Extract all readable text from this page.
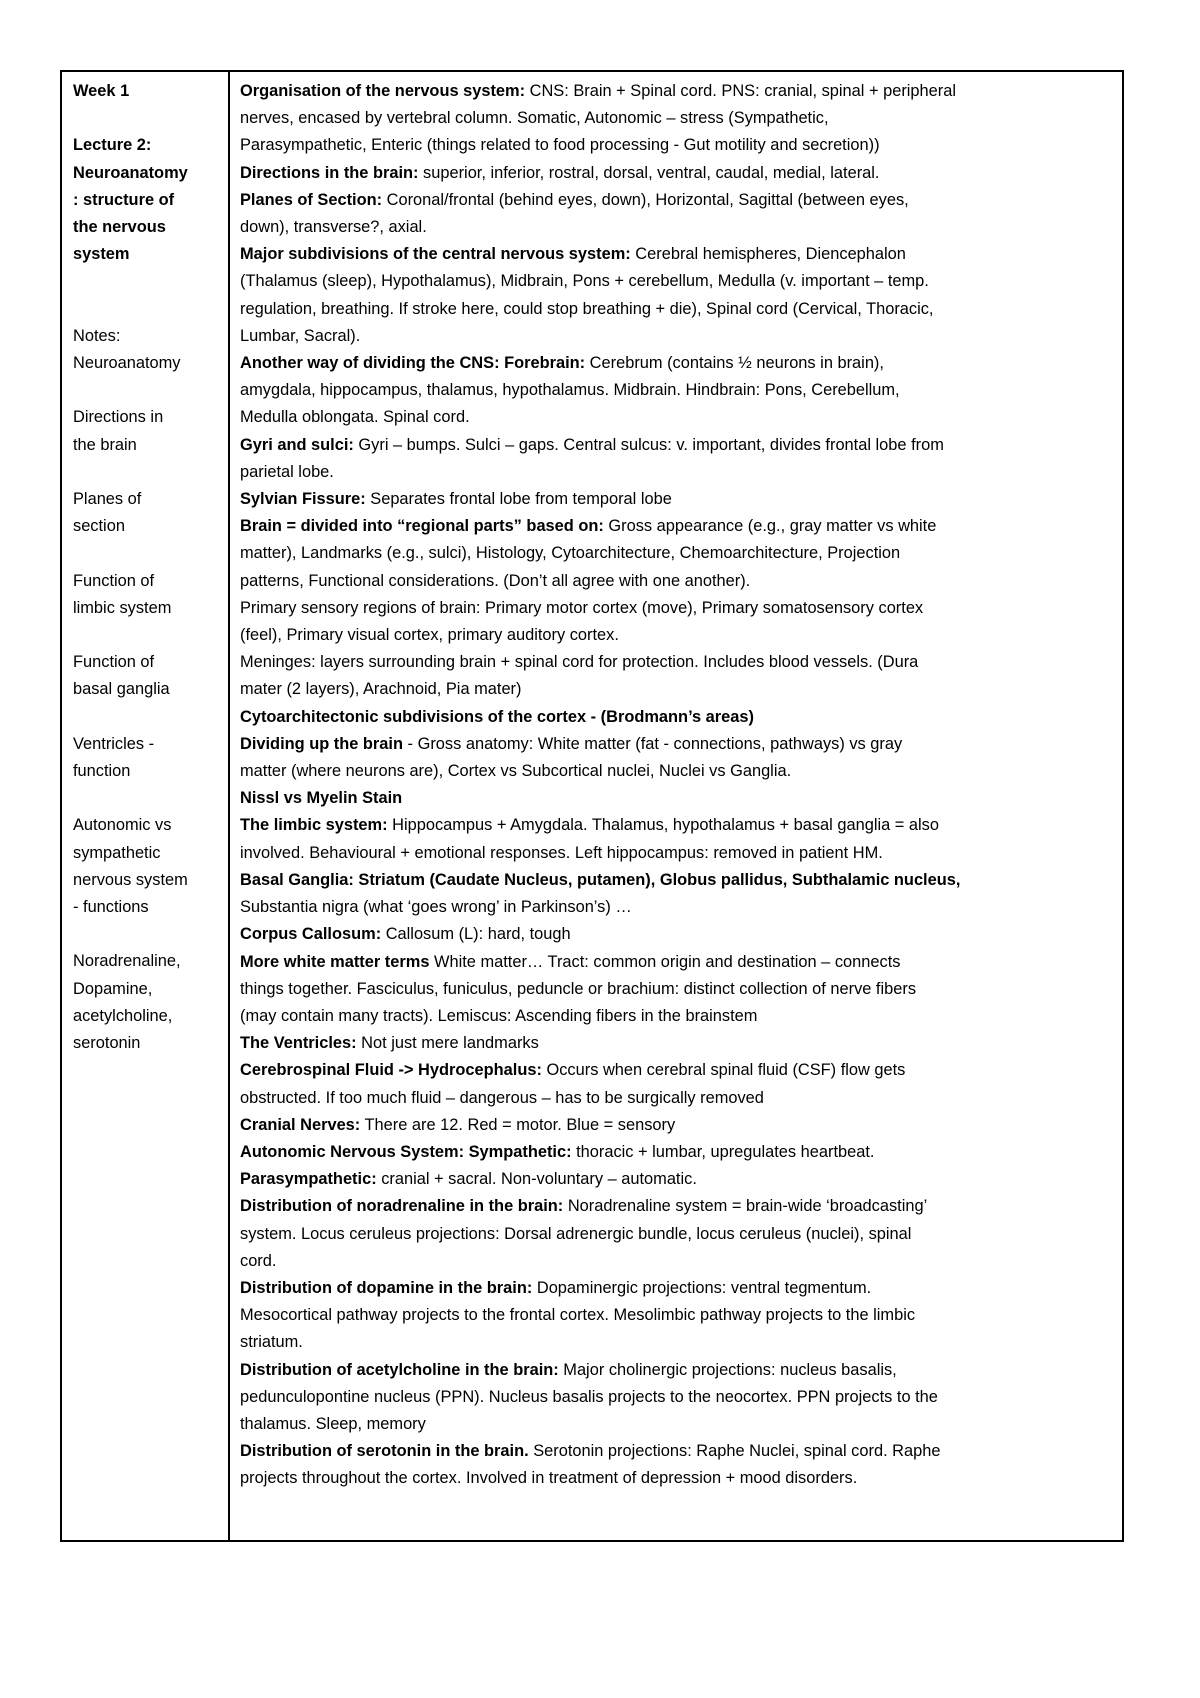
Week 1
Lecture 2:
Neuroanatomy
: structure of
the nervous
system
Notes:
Neuroanatomy
Directions in
the brain
Planes of
section
Function of
limbic system
Function of
basal ganglia
Ventricles -
function
Autonomic vs
sympathetic
nervous system
- functions
Noradrenaline,
Dopamine,
acetylcholine,
serotonin
Organisation of the nervous system: CNS: Brain + Spinal cord. PNS: cranial, spinal + peripheral
nerves, encased by vertebral column. Somatic, Autonomic – stress (Sympathetic,
Parasympathetic, Enteric (things related to food processing - Gut motility and secretion))
Directions in the brain: superior, inferior, rostral, dorsal, ventral, caudal, medial, lateral.
Planes of Section: Coronal/frontal (behind eyes, down), Horizontal, Sagittal (between eyes,
down), transverse?, axial.
Major subdivisions of the central nervous system: Cerebral hemispheres, Diencephalon
(Thalamus (sleep), Hypothalamus), Midbrain, Pons + cerebellum, Medulla (v. important – temp.
regulation, breathing. If stroke here, could stop breathing + die), Spinal cord (Cervical, Thoracic,
Lumbar, Sacral).
Another way of dividing the CNS: Forebrain: Cerebrum (contains ½ neurons in brain),
amygdala, hippocampus, thalamus, hypothalamus. Midbrain. Hindbrain: Pons, Cerebellum,
Medulla oblongata. Spinal cord.
Gyri and sulci: Gyri – bumps. Sulci – gaps. Central sulcus: v. important, divides frontal lobe from
parietal lobe.
Sylvian Fissure: Separates frontal lobe from temporal lobe
Brain = divided into “regional parts” based on: Gross appearance (e.g., gray matter vs white
matter), Landmarks (e.g., sulci), Histology, Cytoarchitecture, Chemoarchitecture, Projection
patterns, Functional considerations. (Don’t all agree with one another).
Primary sensory regions of brain: Primary motor cortex (move), Primary somatosensory cortex
(feel), Primary visual cortex, primary auditory cortex.
Meninges: layers surrounding brain + spinal cord for protection. Includes blood vessels. (Dura
mater (2 layers), Arachnoid, Pia mater)
Cytoarchitectonic subdivisions of the cortex - (Brodmann’s areas)
Dividing up the brain - Gross anatomy: White matter (fat - connections, pathways) vs gray
matter (where neurons are), Cortex vs Subcortical nuclei, Nuclei vs Ganglia.
Nissl vs Myelin Stain
The limbic system: Hippocampus + Amygdala. Thalamus, hypothalamus + basal ganglia = also
involved. Behavioural + emotional responses. Left hippocampus: removed in patient HM.
Basal Ganglia: Striatum (Caudate Nucleus, putamen), Globus pallidus, Subthalamic nucleus,
Substantia nigra (what ‘goes wrong’ in Parkinson’s) …
Corpus Callosum: Callosum (L): hard, tough
More white matter terms White matter… Tract: common origin and destination – connects
things together. Fasciculus, funiculus, peduncle or brachium: distinct collection of nerve fibers
(may contain many tracts). Lemiscus: Ascending fibers in the brainstem
The Ventricles: Not just mere landmarks
Cerebrospinal Fluid -> Hydrocephalus: Occurs when cerebral spinal fluid (CSF) flow gets
obstructed. If too much fluid – dangerous – has to be surgically removed
Cranial Nerves: There are 12. Red = motor. Blue = sensory
Autonomic Nervous System: Sympathetic: thoracic + lumbar, upregulates heartbeat.
Parasympathetic: cranial + sacral. Non-voluntary – automatic.
Distribution of noradrenaline in the brain: Noradrenaline system = brain-wide ‘broadcasting’
system. Locus ceruleus projections: Dorsal adrenergic bundle, locus ceruleus (nuclei), spinal
cord.
Distribution of dopamine in the brain: Dopaminergic projections: ventral tegmentum.
Mesocortical pathway projects to the frontal cortex. Mesolimbic pathway projects to the limbic
striatum.
Distribution of acetylcholine in the brain: Major cholinergic projections: nucleus basalis,
pedunculopontine nucleus (PPN). Nucleus basalis projects to the neocortex. PPN projects to the
thalamus. Sleep, memory
Distribution of serotonin in the brain. Serotonin projections: Raphe Nuclei, spinal cord. Raphe
projects throughout the cortex. Involved in treatment of depression + mood disorders.
